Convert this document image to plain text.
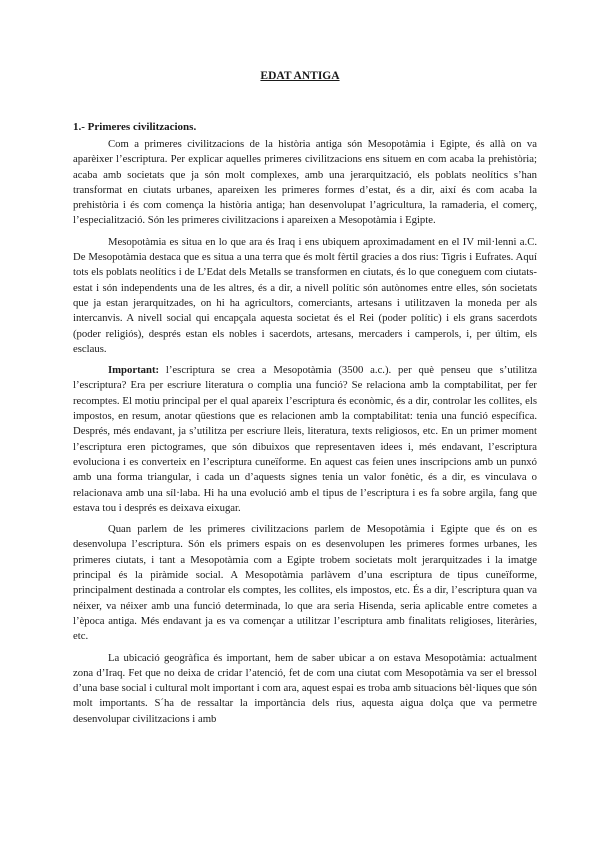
EDAT ANTIGA
1.- Primeres civilitzacions.

Com a primeres civilitzacions de la història antiga són Mesopotàmia i Egipte, és allà on va aparèixer l’escriptura. Per explicar aquelles primeres civilitzacions ens situem en com acaba la prehistòria; acaba amb societats que ja són molt complexes, amb una jerarquització, els poblats neolítics s’han transformat en ciutats urbanes, apareixen les primeres formes d’estat, és a dir, així és com acaba la prehistòria i és com comença la història antiga; han desenvolupat l’agricultura, la ramaderia, el comerç, l’especialització. Són les primeres civilitzacions i apareixen a Mesopotàmia i Egipte.

Mesopotàmia es situa en lo que ara és Iraq i ens ubiquem aproximadament en el IV mil·lenni a.C. De Mesopotàmia destaca que es situa a una terra que és molt fèrtil gracies a dos rius: Tigris i Eufrates. Aquí tots els poblats neolítics i de L’Edat dels Metalls se transformen en ciutats, és lo que coneguem com ciutats-estat i són independents una de les altres, és a dir, a nivell polític són autònomes entre elles, són societats que ja estan jerarquitzades, on hi ha agricultors, comerciants, artesans i utilitzaven la moneda per als intercanvis. A nivell social qui encapçala aquesta societat és el Rei (poder polític) i els grans sacerdots (poder religiós), després estan els nobles i sacerdots, artesans, mercaders i camperols, i, per últim, els esclaus.

Important: l’escriptura se crea a Mesopotàmia (3500 a.c.). per què penseu que s’utilitza l’escriptura? Era per escriure literatura o complia una funció? Se relaciona amb la comptabilitat, per fer recomptes. El motiu principal per el qual apareix l’escriptura és econòmic, és a dir, controlar les collites, els impostos, en resum, anotar qüestions que es relacionen amb la comptabilitat: tenia una funció específica. Després, més endavant, ja s’utilitza per escriure lleis, literatura, texts religiosos, etc. En un primer moment l’escriptura eren pictogrames, que són dibuixos que representaven idees i, més endavant, l’escriptura evoluciona i es converteix en l’escriptura cuneïforme. En aquest cas feien unes inscripcions amb un punxó amb una forma triangular, i cada un d’aquests signes tenia un valor fonètic, és a dir, es vinculava o relacionava amb una síl·laba. Hi ha una evolució amb el tipus de l’escriptura i es fa sobre argila, fang que estava tou i després es deixava eixugar.

Quan parlem de les primeres civilitzacions parlem de Mesopotàmia i Egipte que és on es desenvolupa l’escriptura. Són els primers espais on es desenvolupen les primeres formes urbanes, les primeres ciutats, i tant a Mesopotàmia com a Egipte trobem societats molt jerarquitzades i la imatge principal és la piràmide social. A Mesopotàmia parlàvem d’una escriptura de tipus cuneïforme, principalment destinada a controlar els comptes, les collites, els impostos, etc. És a dir, l’escriptura quan va néixer, va néixer amb una funció determinada, lo que ara seria Hisenda, seria aplicable entre cometes a l’època antiga. Més endavant ja es va començar a utilitzar l’escriptura amb finalitats religioses, literàries, etc.

La ubicació geogràfica és important, hem de saber ubicar a on estava Mesopotàmia: actualment zona d’Iraq. Fet que no deixa de cridar l’atenció, fet de com una ciutat com Mesopotàmia va ser el bressol d’una base social i cultural molt important i com ara, aquest espai es troba amb situacions bèl·liques que són molt importants. S´ha de ressaltar la importància dels rius, aquesta aigua dolça que va permetre desenvolupar civilitzacions i amb
